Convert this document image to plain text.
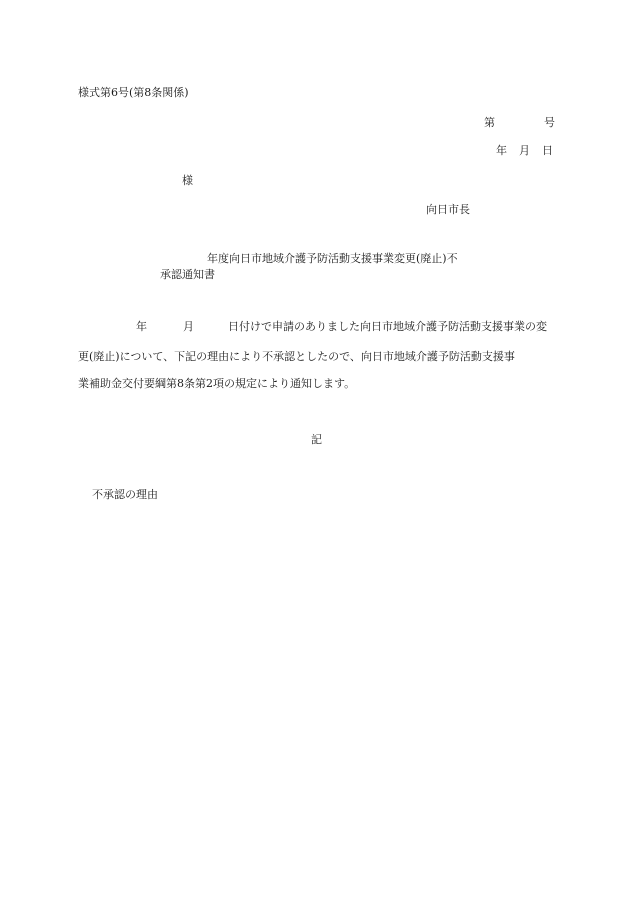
様式第6号(第8条関係)
第	号
年 月 日
様
向日市長
年度向日市地域介護予防活動支援事業変更(廃止)不
承認通知書
年	月	日付けで申請のありました向日市地域介護予防活動支援事業の変
更(廃止)について、下記の理由により不承認としたので、向日市地域介護予防活動支援事
業補助金交付要綱第8条第2項の規定により通知します。
記
不承認の理由
